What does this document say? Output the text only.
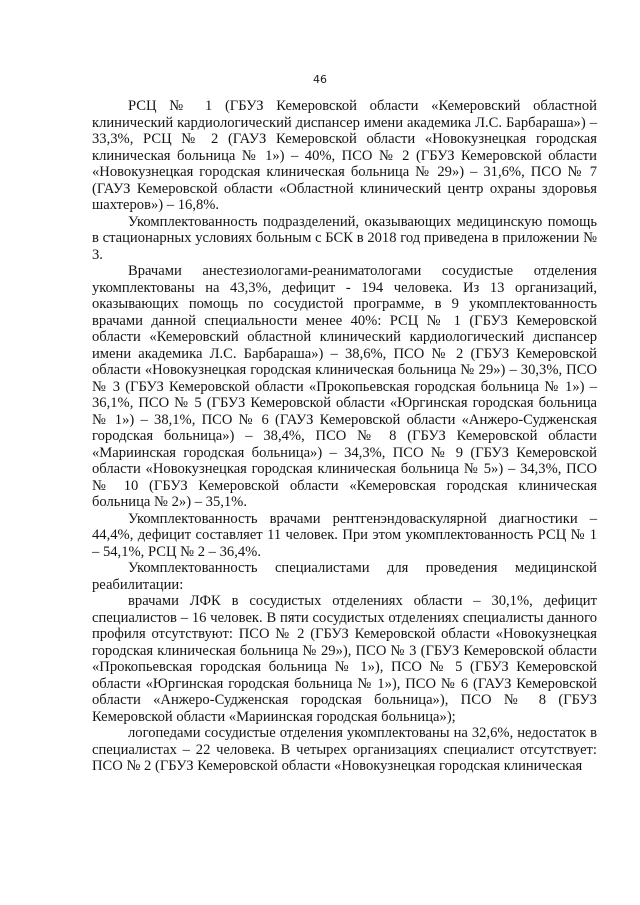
46

РСЦ № 1 (ГБУЗ Кемеровской области «Кемеровский областной клинический кардиологический диспансер имени академика Л.С. Барбараша») – 33,3%, РСЦ № 2 (ГАУЗ Кемеровской области «Новокузнецкая городская клиническая больница № 1») – 40%, ПСО № 2 (ГБУЗ Кемеровской области «Новокузнецкая городская клиническая больница № 29») – 31,6%, ПСО № 7 (ГАУЗ Кемеровской области «Областной клинический центр охраны здоровья шахтеров») – 16,8%.

Укомплектованность подразделений, оказывающих медицинскую помощь в стационарных условиях больным с БСК в 2018 год приведена в приложении № 3.

Врачами анестезиологами-реаниматологами сосудистые отделения укомплектованы на 43,3%, дефицит - 194 человека. Из 13 организаций, оказывающих помощь по сосудистой программе, в 9 укомплектованность врачами данной специальности менее 40%: РСЦ № 1 (ГБУЗ Кемеровской области «Кемеровский областной клинический кардиологический диспансер имени академика Л.С. Барбараша») – 38,6%, ПСО № 2 (ГБУЗ Кемеровской области «Новокузнецкая городская клиническая больница № 29») – 30,3%, ПСО № 3 (ГБУЗ Кемеровской области «Прокопьевская городская больница № 1») – 36,1%, ПСО № 5 (ГБУЗ Кемеровской области «Юргинская городская больница № 1») – 38,1%, ПСО № 6 (ГАУЗ Кемеровской области «Анжеро-Судженская городская больница») – 38,4%, ПСО № 8 (ГБУЗ Кемеровской области «Мариинская городская больница») – 34,3%, ПСО № 9 (ГБУЗ Кемеровской области «Новокузнецкая городская клиническая больница № 5») – 34,3%, ПСО № 10 (ГБУЗ Кемеровской области «Кемеровская городская клиническая больница № 2») – 35,1%.

Укомплектованность врачами рентгенэндоваскулярной диагностики – 44,4%, дефицит составляет 11 человек. При этом укомплектованность РСЦ № 1 – 54,1%, РСЦ № 2 – 36,4%.

Укомплектованность специалистами для проведения медицинской реабилитации:

врачами ЛФК в сосудистых отделениях области – 30,1%, дефицит специалистов – 16 человек. В пяти сосудистых отделениях специалисты данного профиля отсутствуют: ПСО № 2 (ГБУЗ Кемеровской области «Новокузнецкая городская клиническая больница № 29»), ПСО № 3 (ГБУЗ Кемеровской области «Прокопьевская городская больница № 1»), ПСО № 5 (ГБУЗ Кемеровской области «Юргинская городская больница № 1»), ПСО № 6 (ГАУЗ Кемеровской области «Анжеро-Судженская городская больница»), ПСО № 8 (ГБУЗ Кемеровской области «Мариинская городская больница»);

логопедами сосудистые отделения укомплектованы на 32,6%, недостаток в специалистах – 22 человека. В четырех организациях специалист отсутствует: ПСО № 2 (ГБУЗ Кемеровской области «Новокузнецкая городская клиническая
